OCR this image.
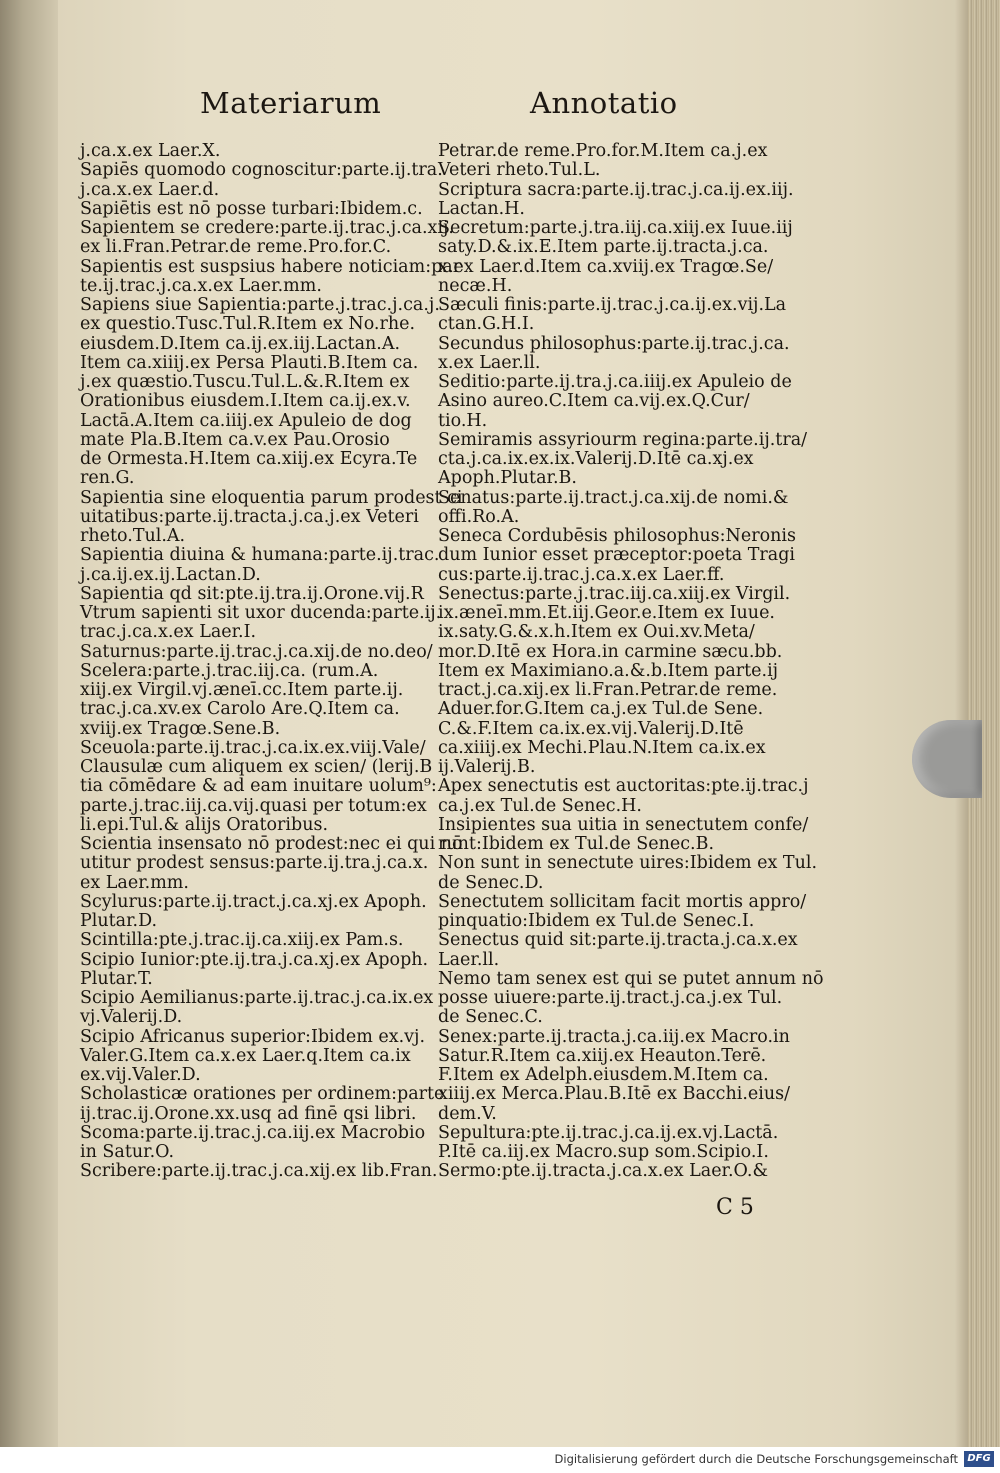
Materiarum	Annotatio
j.ca.x.ex Laer.X.
Sapiēs quomodo cognoscitur:parte.ij.tra.
j.ca.x.ex Laer.d.
Sapiētis est nō posse turbari:Ibidem.c.
Sapientem se credere:parte.ij.trac.j.ca.xij.
ex li.Fran.Petrar.de reme.Pro.for.C.
Sapientis est suspsius habere noticiam:par
te.ij.trac.j.ca.x.ex Laer.mm.
Sapiens siue Sapientia:parte.j.trac.j.ca.j.
ex questio.Tusc.Tul.R.Item ex No.rhe.
eiusdem.D.Item ca.ij.ex.iij.Lactan.A.
Item ca.xiiij.ex Persa Plauti.B.Item ca.
j.ex quæstio.Tuscu.Tul.L.&.R.Item ex
Orationibus eiusdem.I.Item ca.ij.ex.v.
Lactā.A.Item ca.iiij.ex Apuleio de dog
mate Pla.B.Item ca.v.ex Pau.Orosio
de Ormesta.H.Item ca.xiij.ex Ecyra.Te
ren.G.
Sapientia sine eloquentia parum prodest ci
uitatibus:parte.ij.tracta.j.ca.j.ex Veteri
rheto.Tul.A.
Sapientia diuina & humana:parte.ij.trac.
j.ca.ij.ex.ij.Lactan.D.
Sapientia qd sit:pte.ij.tra.ij.Orone.vij.R
Vtrum sapienti sit uxor ducenda:parte.ij.
trac.j.ca.x.ex Laer.I.
Saturnus:parte.ij.trac.j.ca.xij.de no.deo/
Scelera:parte.j.trac.iij.ca. (rum.A.
xiij.ex Virgil.vj.æneī.cc.Item parte.ij.
trac.j.ca.xv.ex Carolo Are.Q.Item ca.
xviij.ex Tragœ.Sene.B.
Sceuola:parte.ij.trac.j.ca.ix.ex.viij.Vale/
Clausulæ cum aliquem ex scien/ (lerij.B
tia cōmēdare & ad eam inuitare uolum⁹:
parte.j.trac.iij.ca.vij.quasi per totum:ex
li.epi.Tul.& alijs Oratoribus.
Scientia insensato nō prodest:nec ei qui nō
utitur prodest sensus:parte.ij.tra.j.ca.x.
ex Laer.mm.
Scylurus:parte.ij.tract.j.ca.xj.ex Apoph.
Plutar.D.
Scintilla:pte.j.trac.ij.ca.xiij.ex Pam.s.
Scipio Iunior:pte.ij.tra.j.ca.xj.ex Apoph.
Plutar.T.
Scipio Aemilianus:parte.ij.trac.j.ca.ix.ex
vj.Valerij.D.
Scipio Africanus superior:Ibidem ex.vj.
Valer.G.Item ca.x.ex Laer.q.Item ca.ix
ex.vij.Valer.D.
Scholasticæ orationes per ordinem:parte
ij.trac.ij.Orone.xx.usq ad finē qsi libri.
Scoma:parte.ij.trac.j.ca.iij.ex Macrobio
in Satur.O.
Scribere:parte.ij.trac.j.ca.xij.ex lib.Fran.
Petrar.de reme.Pro.for.M.Item ca.j.ex
Veteri rheto.Tul.L.
Scriptura sacra:parte.ij.trac.j.ca.ij.ex.iij.
Lactan.H.
Secretum:parte.j.tra.iij.ca.xiij.ex Iuue.iij
saty.D.&.ix.E.Item parte.ij.tracta.j.ca.
x.ex Laer.d.Item ca.xviij.ex Tragœ.Se/
necæ.H.
Sæculi finis:parte.ij.trac.j.ca.ij.ex.vij.La
ctan.G.H.I.
Secundus philosophus:parte.ij.trac.j.ca.
x.ex Laer.ll.
Seditio:parte.ij.tra.j.ca.iiij.ex Apuleio de
Asino aureo.C.Item ca.vij.ex.Q.Cur/
tio.H.
Semiramis assyriourm regina:parte.ij.tra/
cta.j.ca.ix.ex.ix.Valerij.D.Itē ca.xj.ex
Apoph.Plutar.B.
Senatus:parte.ij.tract.j.ca.xij.de nomi.&
offi.Ro.A.
Seneca Cordubēsis philosophus:Neronis
dum Iunior esset præceptor:poeta Tragi
cus:parte.ij.trac.j.ca.x.ex Laer.ff.
Senectus:parte.j.trac.iij.ca.xiij.ex Virgil.
ix.æneī.mm.Et.iij.Geor.e.Item ex Iuue.
ix.saty.G.&.x.h.Item ex Oui.xv.Meta/
mor.D.Itē ex Hora.in carmine sæcu.bb.
Item ex Maximiano.a.&.b.Item parte.ij
tract.j.ca.xij.ex li.Fran.Petrar.de reme.
Aduer.for.G.Item ca.j.ex Tul.de Sene.
C.&.F.Item ca.ix.ex.vij.Valerij.D.Itē
ca.xiiij.ex Mechi.Plau.N.Item ca.ix.ex
ij.Valerij.B.
Apex senectutis est auctoritas:pte.ij.trac.j
ca.j.ex Tul.de Senec.H.
Insipientes sua uitia in senectutem confe/
runt:Ibidem ex Tul.de Senec.B.
Non sunt in senectute uires:Ibidem ex Tul.
de Senec.D.
Senectutem sollicitam facit mortis appro/
pinquatio:Ibidem ex Tul.de Senec.I.
Senectus quid sit:parte.ij.tracta.j.ca.x.ex
Laer.ll.
Nemo tam senex est qui se putet annum nō
posse uiuere:parte.ij.tract.j.ca.j.ex Tul.
de Senec.C.
Senex:parte.ij.tracta.j.ca.iij.ex Macro.in
Satur.R.Item ca.xiij.ex Heauton.Terē.
F.Item ex Adelph.eiusdem.M.Item ca.
xiiij.ex Merca.Plau.B.Itē ex Bacchi.eius/
dem.V.
Sepultura:pte.ij.trac.j.ca.ij.ex.vj.Lactā.
P.Itē ca.iij.ex Macro.sup som.Scipio.I.
Sermo:pte.ij.tracta.j.ca.x.ex Laer.O.&
C 5
Digitalisierung gefördert durch die Deutsche Forschungsgemeinschaft DFG
